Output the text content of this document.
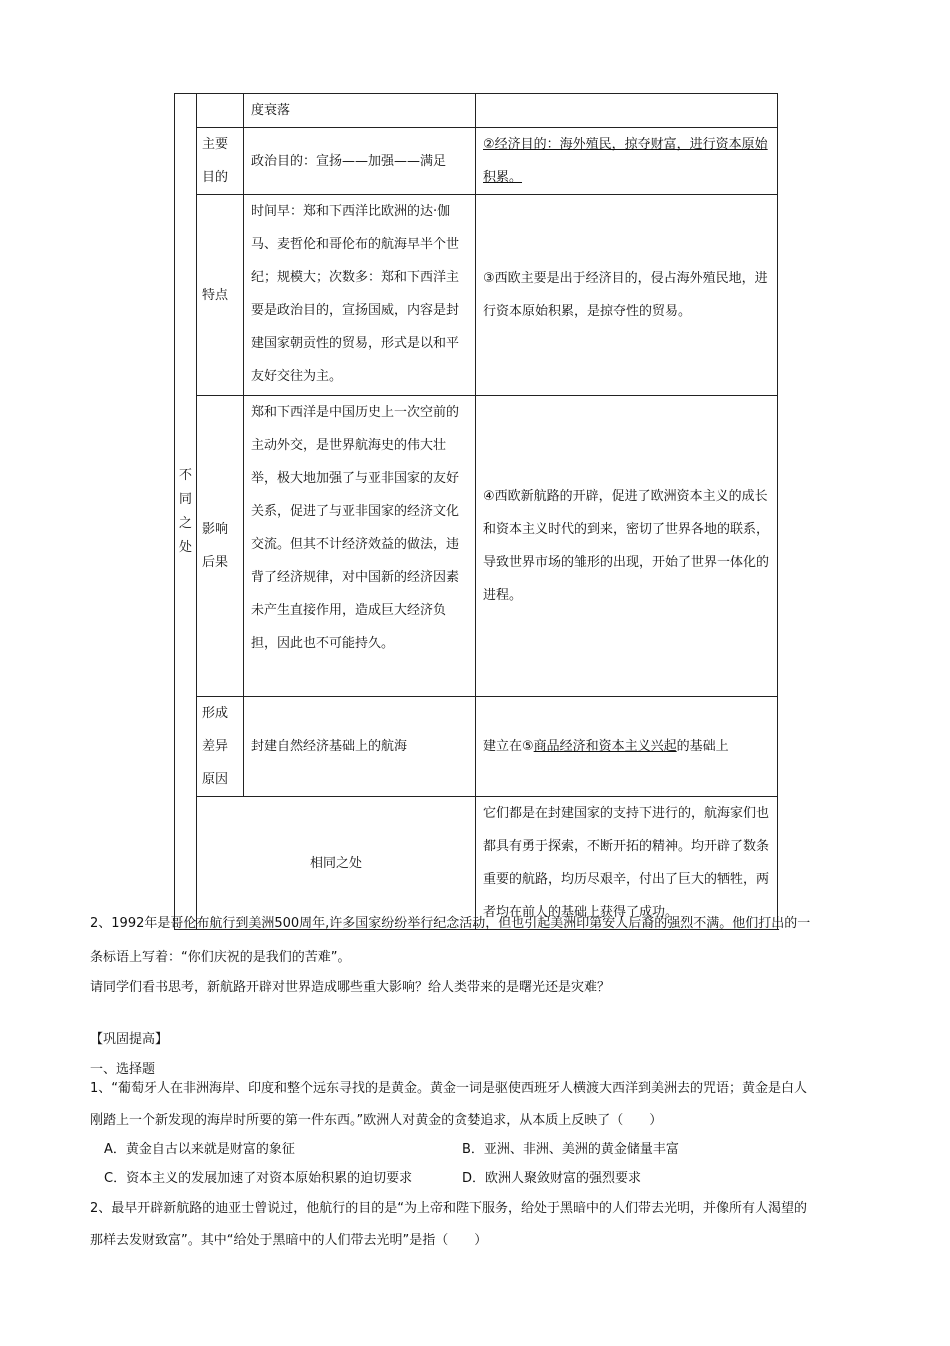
不同之处		度衰落	
	主要目的	政治目的：宣扬——加强——满足	②经济目的：海外殖民，掠夺财富，进行资本原始积累。
	特点	时间早：郑和下西洋比欧洲的达·伽马、麦哲伦和哥伦布的航海早半个世纪；规模大；次数多：郑和下西洋主要是政治目的，宣扬国威，内容是封建国家朝贡性的贸易，形式是以和平友好交往为主。	③西欧主要是出于经济目的，侵占海外殖民地，进行资本原始积累，是掠夺性的贸易。
	影响后果	郑和下西洋是中国历史上一次空前的主动外交，是世界航海史的伟大壮举，极大地加强了与亚非国家的友好关系，促进了与亚非国家的经济文化交流。但其不计经济效益的做法，违背了经济规律，对中国新的经济因素未产生直接作用，造成巨大经济负担，因此也不可能持久。	④西欧新航路的开辟，促进了欧洲资本主义的成长和资本主义时代的到来，密切了世界各地的联系，导致世界市场的雏形的出现，开始了世界一体化的进程。
	形成差异原因	封建自然经济基础上的航海	建立在⑤商品经济和资本主义兴起的基础上
	相同之处		它们都是在封建国家的支持下进行的，航海家们也都具有勇于探索，不断开拓的精神。均开辟了数条重要的航路，均历尽艰辛，付出了巨大的牺牲，两者均在前人的基础上获得了成功。
2、1992年是哥伦布航行到美洲500周年,许多国家纷纷举行纪念活动，但也引起美洲印第安人后裔的强烈不满。他们打出的一
条标语上写着：“你们庆祝的是我们的苦难”。
请同学们看书思考，新航路开辟对世界造成哪些重大影响？给人类带来的是曙光还是灾难？
【巩固提高】
一、选择题
1、“葡萄牙人在非洲海岸、印度和整个远东寻找的是黄金。黄金一词是驱使西班牙人横渡大西洋到美洲去的咒语；黄金是白人
刚踏上一个新发现的海岸时所要的第一件东西。”欧洲人对黄金的贪婪追求，从本质上反映了（　　）
A．黄金自古以来就是财富的象征	B．亚洲、非洲、美洲的黄金储量丰富
C．资本主义的发展加速了对资本原始积累的迫切要求	D．欧洲人聚敛财富的强烈要求
2、最早开辟新航路的迪亚士曾说过，他航行的目的是“为上帝和陛下服务，给处于黑暗中的人们带去光明，并像所有人渴望的
那样去发财致富”。其中“给处于黑暗中的人们带去光明”是指（　　）
